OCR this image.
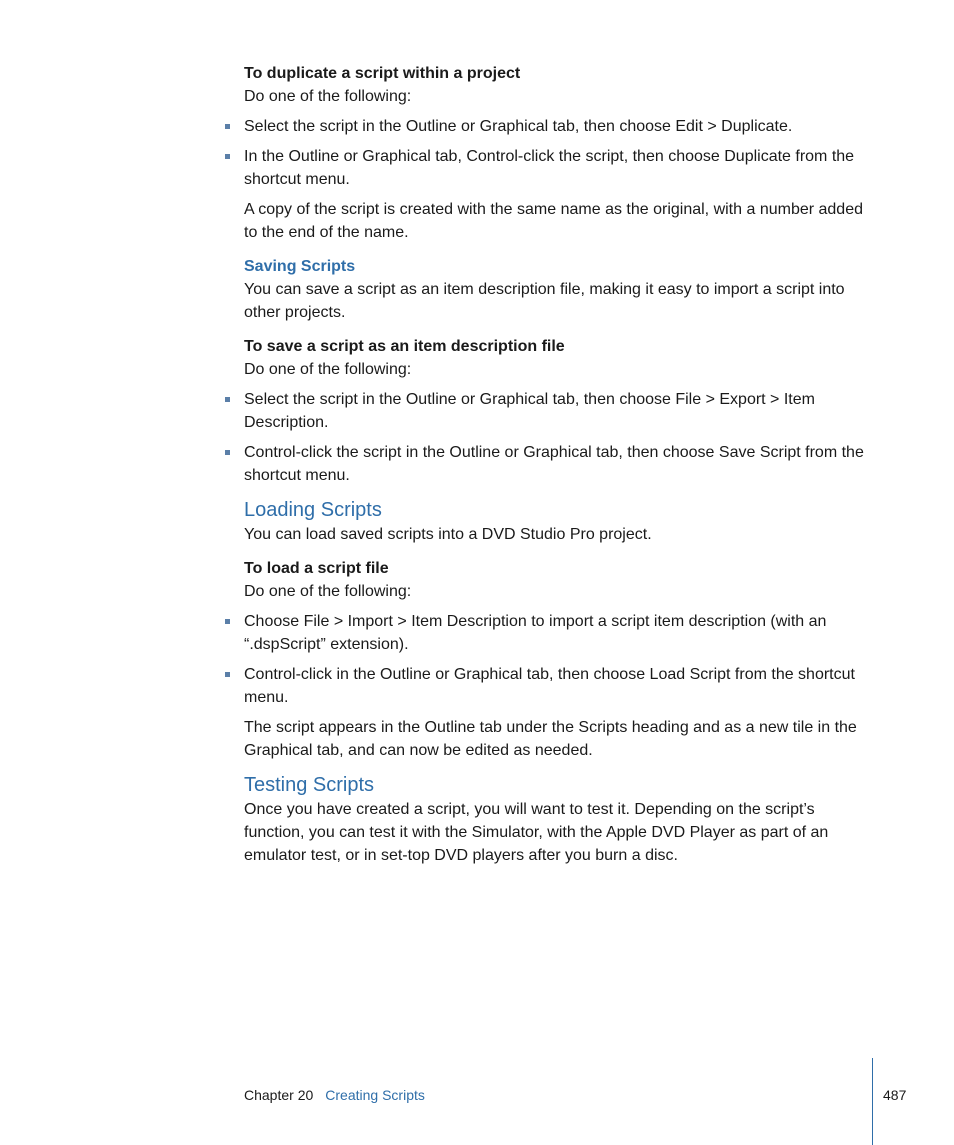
To duplicate a script within a project

Do one of the following:

Select the script in the Outline or Graphical tab, then choose Edit > Duplicate.
In the Outline or Graphical tab, Control-click the script, then choose Duplicate from the shortcut menu.

A copy of the script is created with the same name as the original, with a number added to the end of the name.

Saving Scripts

You can save a script as an item description file, making it easy to import a script into other projects.

To save a script as an item description file

Do one of the following:

Select the script in the Outline or Graphical tab, then choose File > Export > Item Description.
Control-click the script in the Outline or Graphical tab, then choose Save Script from the shortcut menu.
Loading Scripts

You can load saved scripts into a DVD Studio Pro project.

To load a script file

Do one of the following:

Choose File > Import > Item Description to import a script item description (with an “.dspScript” extension).
Control-click in the Outline or Graphical tab, then choose Load Script from the shortcut menu.

The script appears in the Outline tab under the Scripts heading and as a new tile in the Graphical tab, and can now be edited as needed.

Testing Scripts

Once you have created a script, you will want to test it. Depending on the script’s function, you can test it with the Simulator, with the Apple DVD Player as part of an emulator test, or in set-top DVD players after you burn a disc.

Chapter 20 Creating Scripts	487
